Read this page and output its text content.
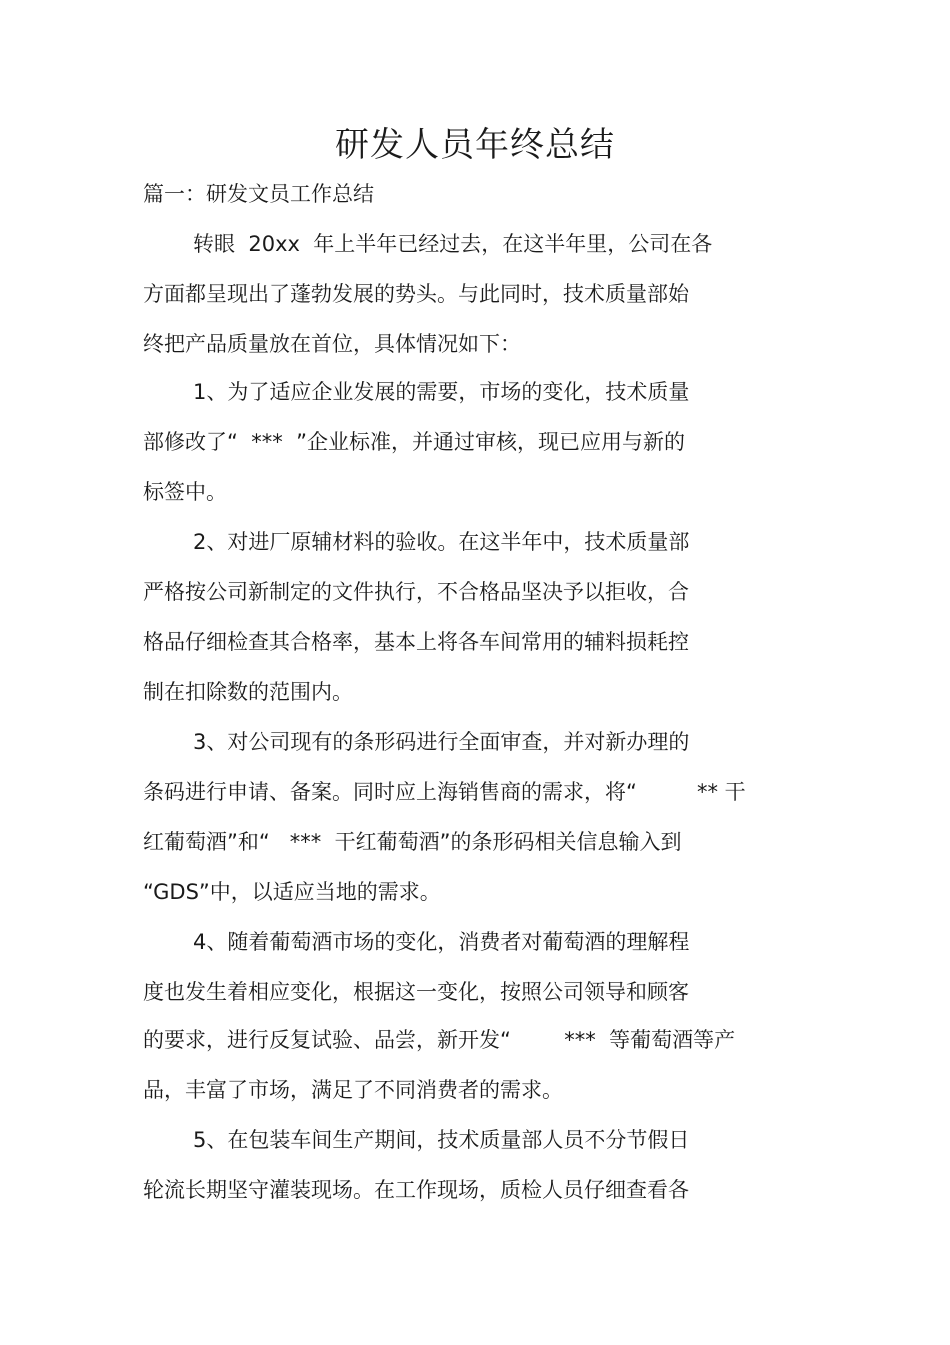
研发人员年终总结
篇一：研发文员工作总结
转眼  20xx  年上半年已经过去，在这半年里，公司在各
方面都呈现出了蓬勃发展的势头。与此同时，技术质量部始
终把产品质量放在首位，具体情况如下：
1、为了适应企业发展的需要，市场的变化，技术质量
部修改了“  ***  ”企业标准，并通过审核，现已应用与新的
标签中。
2、对进厂原辅材料的验收。在这半年中，技术质量部
严格按公司新制定的文件执行，不合格品坚决予以拒收，合
格品仔细检查其合格率，基本上将各车间常用的辅料损耗控
制在扣除数的范围内。
3、对公司现有的条形码进行全面审查，并对新办理的
条码进行申请、备案。同时应上海销售商的需求，将“         ** 干
红葡萄酒”和“   ***  干红葡萄酒”的条形码相关信息输入到
“GDS”中，以适应当地的需求。
4、随着葡萄酒市场的变化，消费者对葡萄酒的理解程
度也发生着相应变化，根据这一变化，按照公司领导和顾客
的要求，进行反复试验、品尝，新开发“        ***  等葡萄酒等产
品，丰富了市场，满足了不同消费者的需求。
5、在包装车间生产期间，技术质量部人员不分节假日
轮流长期坚守灌装现场。在工作现场，质检人员仔细查看各
